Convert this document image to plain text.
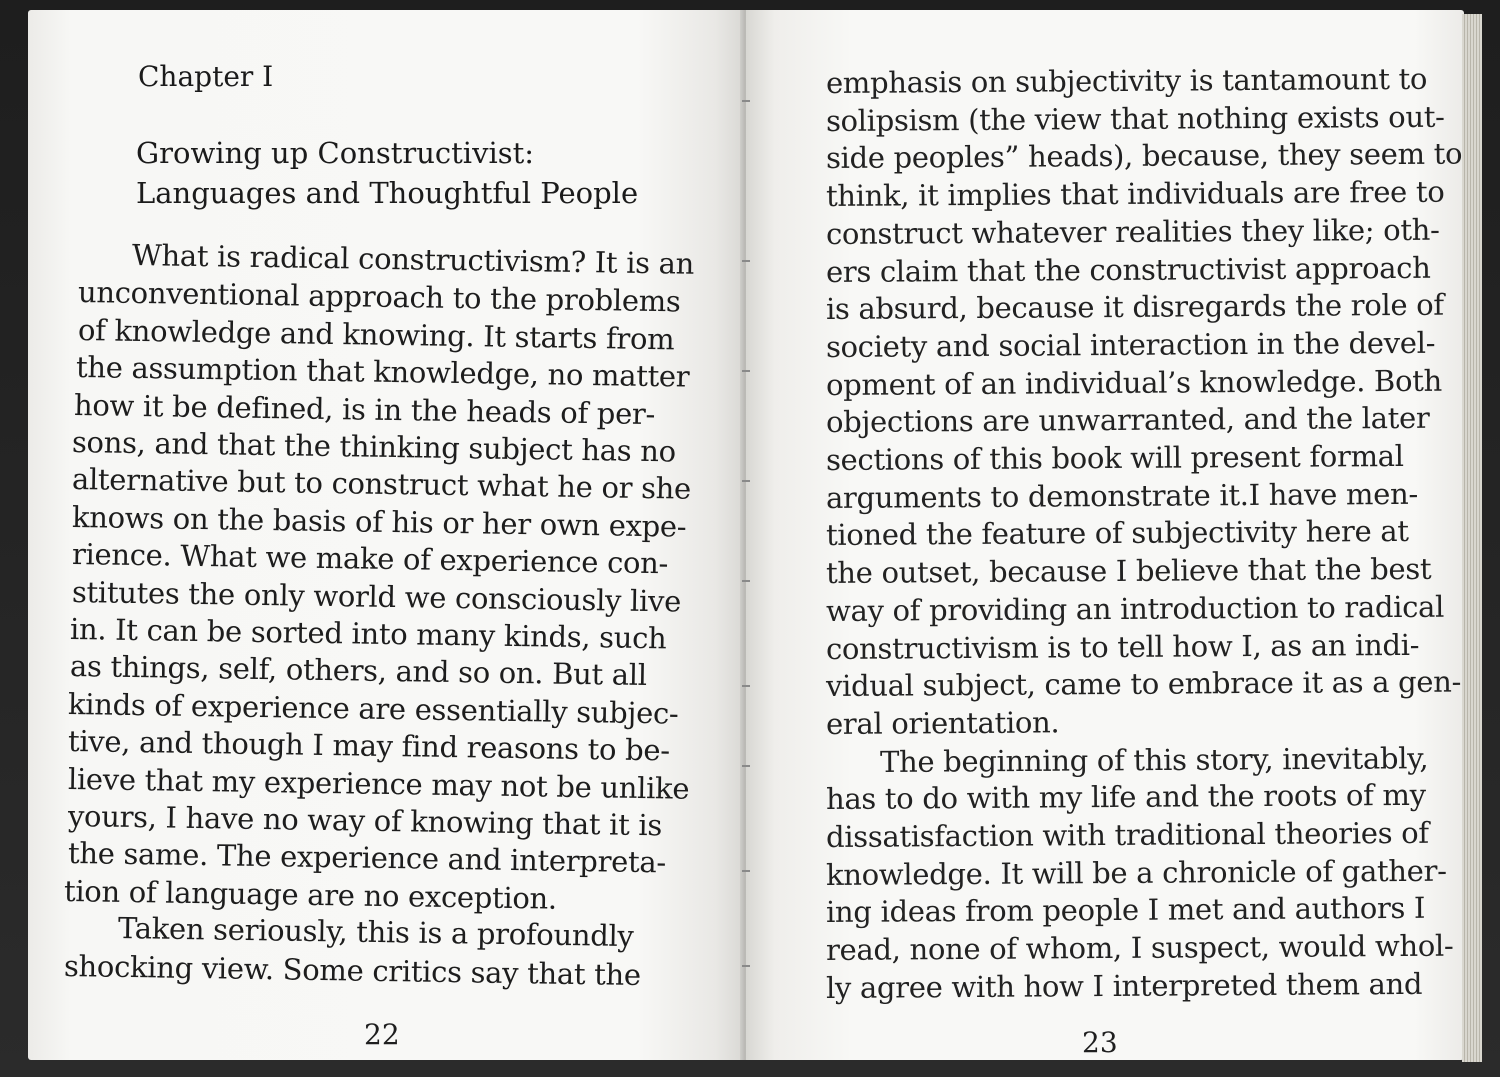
Chapter I
Growing up Constructivist:
Languages and Thoughtful People
What is radical constructivism? It is an
unconventional approach to the problems
of knowledge and knowing. It starts from
the assumption that knowledge, no matter
how it be defined, is in the heads of per-
sons, and that the thinking subject has no
alternative but to construct what he or she
knows on the basis of his or her own expe-
rience. What we make of experience con-
stitutes the only world we consciously live
in. It can be sorted into many kinds, such
as things, self, others, and so on. But all
kinds of experience are essentially subjec-
tive, and though I may find reasons to be-
lieve that my experience may not be unlike
yours, I have no way of knowing that it is
the same. The experience and interpreta-
tion of language are no exception.
Taken seriously, this is a profoundly
shocking view. Some critics say that the
22
emphasis on subjectivity is tantamount to
solipsism (the view that nothing exists out-
side peoples” heads), because, they seem to
think, it implies that individuals are free to
construct whatever realities they like; oth-
ers claim that the constructivist approach
is absurd, because it disregards the role of
society and social interaction in the devel-
opment of an individual’s knowledge. Both
objections are unwarranted, and the later
sections of this book will present formal
arguments to demonstrate it.I have men-
tioned the feature of subjectivity here at
the outset, because I believe that the best
way of providing an introduction to radical
constructivism is to tell how I, as an indi-
vidual subject, came to embrace it as a gen-
eral orientation.
The beginning of this story, inevitably,
has to do with my life and the roots of my
dissatisfaction with traditional theories of
knowledge. It will be a chronicle of gather-
ing ideas from people I met and authors I
read, none of whom, I suspect, would whol-
ly agree with how I interpreted them and
23
